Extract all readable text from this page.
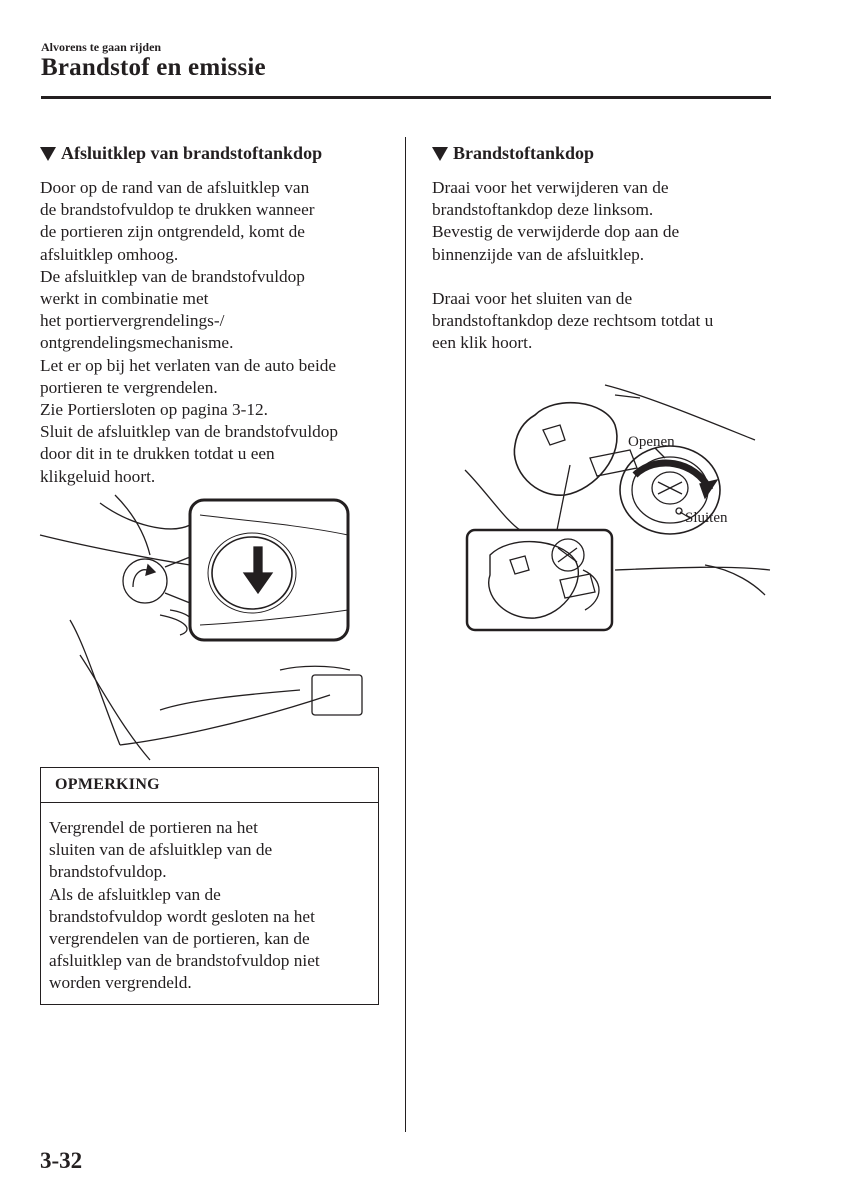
Alvorens te gaan rijden
Brandstof en emissie
Afsluitklep van brandstoftankdop

Door op de rand van de afsluitklep van

de brandstofvuldop te drukken wanneer

de portieren zijn ontgrendeld, komt de

afsluitklep omhoog.

De afsluitklep van de brandstofvuldop

werkt in combinatie met

het portiervergrendelings-/

ontgrendelingsmechanisme.

Let er op bij het verlaten van de auto beide

portieren te vergrendelen.

Zie Portiersloten op pagina 3-12.

Sluit de afsluitklep van de brandstofvuldop

door dit in te drukken totdat u een

klikgeluid hoort.

OPMERKING

Vergrendel de portieren na het

sluiten van de afsluitklep van de

brandstofvuldop.

Als de afsluitklep van de

brandstofvuldop wordt gesloten na het

vergrendelen van de portieren, kan de

afsluitklep van de brandstofvuldop niet

worden vergrendeld.

Brandstoftankdop

Draai voor het verwijderen van de

brandstoftankdop deze linksom.

Bevestig de verwijderde dop aan de

binnenzijde van de afsluitklep.

Draai voor het sluiten van de

brandstoftankdop deze rechtsom totdat u

een klik hoort.

Openen
Sluiten
3-32
